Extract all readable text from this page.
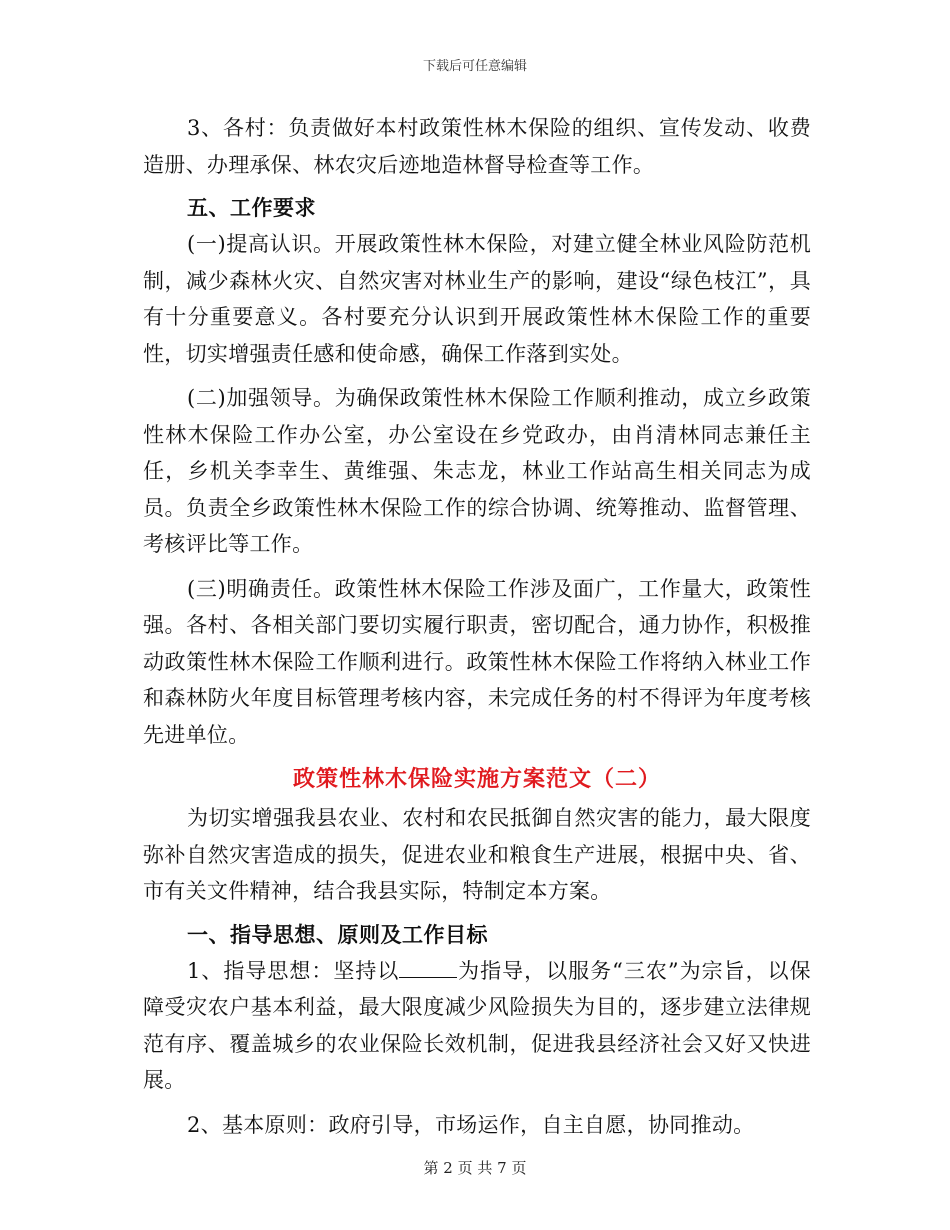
下载后可任意编辑

3、各村：负责做好本村政策性林木保险的组织、宣传发动、收费造册、办理承保、林农灾后迹地造林督导检查等工作。

五、工作要求

(一)提高认识。开展政策性林木保险，对建立健全林业风险防范机制，减少森林火灾、自然灾害对林业生产的影响，建设“绿色枝江”，具有十分重要意义。各村要充分认识到开展政策性林木保险工作的重要性，切实增强责任感和使命感，确保工作落到实处。

(二)加强领导。为确保政策性林木保险工作顺利推动，成立乡政策性林木保险工作办公室，办公室设在乡党政办，由肖清林同志兼任主任，乡机关李幸生、黄维强、朱志龙，林业工作站高生相关同志为成员。负责全乡政策性林木保险工作的综合协调、统筹推动、监督管理、考核评比等工作。

(三)明确责任。政策性林木保险工作涉及面广，工作量大，政策性强。各村、各相关部门要切实履行职责，密切配合，通力协作，积极推动政策性林木保险工作顺利进行。政策性林木保险工作将纳入林业工作和森林防火年度目标管理考核内容，未完成任务的村不得评为年度考核先进单位。

政策性林木保险实施方案范文（二）

为切实增强我县农业、农村和农民抵御自然灾害的能力，最大限度弥补自然灾害造成的损失，促进农业和粮食生产进展，根据中央、省、市有关文件精神，结合我县实际，特制定本方案。

一、指导思想、原则及工作目标

1、指导思想：坚持以	为指导，以服务“三农”为宗旨，以保障受灾农户基本利益，最大限度减少风险损失为目的，逐步建立法律规范有序、覆盖城乡的农业保险长效机制，促进我县经济社会又好又快进展。

2、基本原则：政府引导，市场运作，自主自愿，协同推动。

第 2 页 共 7 页
